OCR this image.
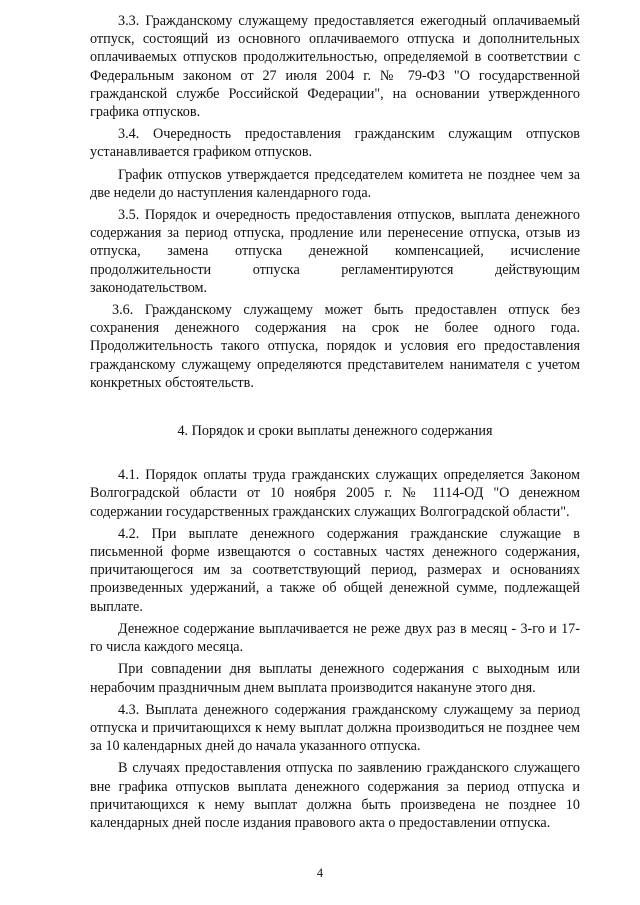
3.3. Гражданскому служащему предоставляется ежегодный оплачиваемый отпуск, состоящий из основного оплачиваемого отпуска и дополнительных оплачиваемых отпусков продолжительностью, определяемой в соответствии с Федеральным законом от 27 июля 2004 г. № 79-ФЗ "О государственной гражданской службе Российской Федерации", на основании утвержденного графика отпусков.

3.4. Очередность предоставления гражданским служащим отпусков устанавливается графиком отпусков.

График отпусков утверждается председателем комитета не позднее чем за две недели до наступления календарного года.

3.5. Порядок и очередность предоставления отпусков, выплата денежного содержания за период отпуска, продление или перенесение отпуска, отзыв из отпуска, замена отпуска денежной компенсацией, исчисление продолжительности отпуска регламентируются действующим законодательством.

3.6. Гражданскому служащему может быть предоставлен отпуск без сохранения денежного содержания на срок не более одного года. Продолжительность такого отпуска, порядок и условия его предоставления гражданскому служащему определяются представителем нанимателя с учетом конкретных обстоятельств.

4. Порядок и сроки выплаты денежного содержания

4.1. Порядок оплаты труда гражданских служащих определяется Законом Волгоградской области от 10 ноября 2005 г. № 1114-ОД "О денежном содержании государственных гражданских служащих Волгоградской области".

4.2. При выплате денежного содержания гражданские служащие в письменной форме извещаются о составных частях денежного содержания, причитающегося им за соответствующий период, размерах и основаниях произведенных удержаний, а также об общей денежной сумме, подлежащей выплате.

Денежное содержание выплачивается не реже двух раз в месяц - 3-го и 17-го числа каждого месяца.

При совпадении дня выплаты денежного содержания с выходным или нерабочим праздничным днем выплата производится накануне этого дня.

4.3. Выплата денежного содержания гражданскому служащему за период отпуска и причитающихся к нему выплат должна производиться не позднее чем за 10 календарных дней до начала указанного отпуска.

В случаях предоставления отпуска по заявлению гражданского служащего вне графика отпусков выплата денежного содержания за период отпуска и причитающихся к нему выплат должна быть произведена не позднее 10 календарных дней после издания правового акта о предоставлении отпуска.

4
